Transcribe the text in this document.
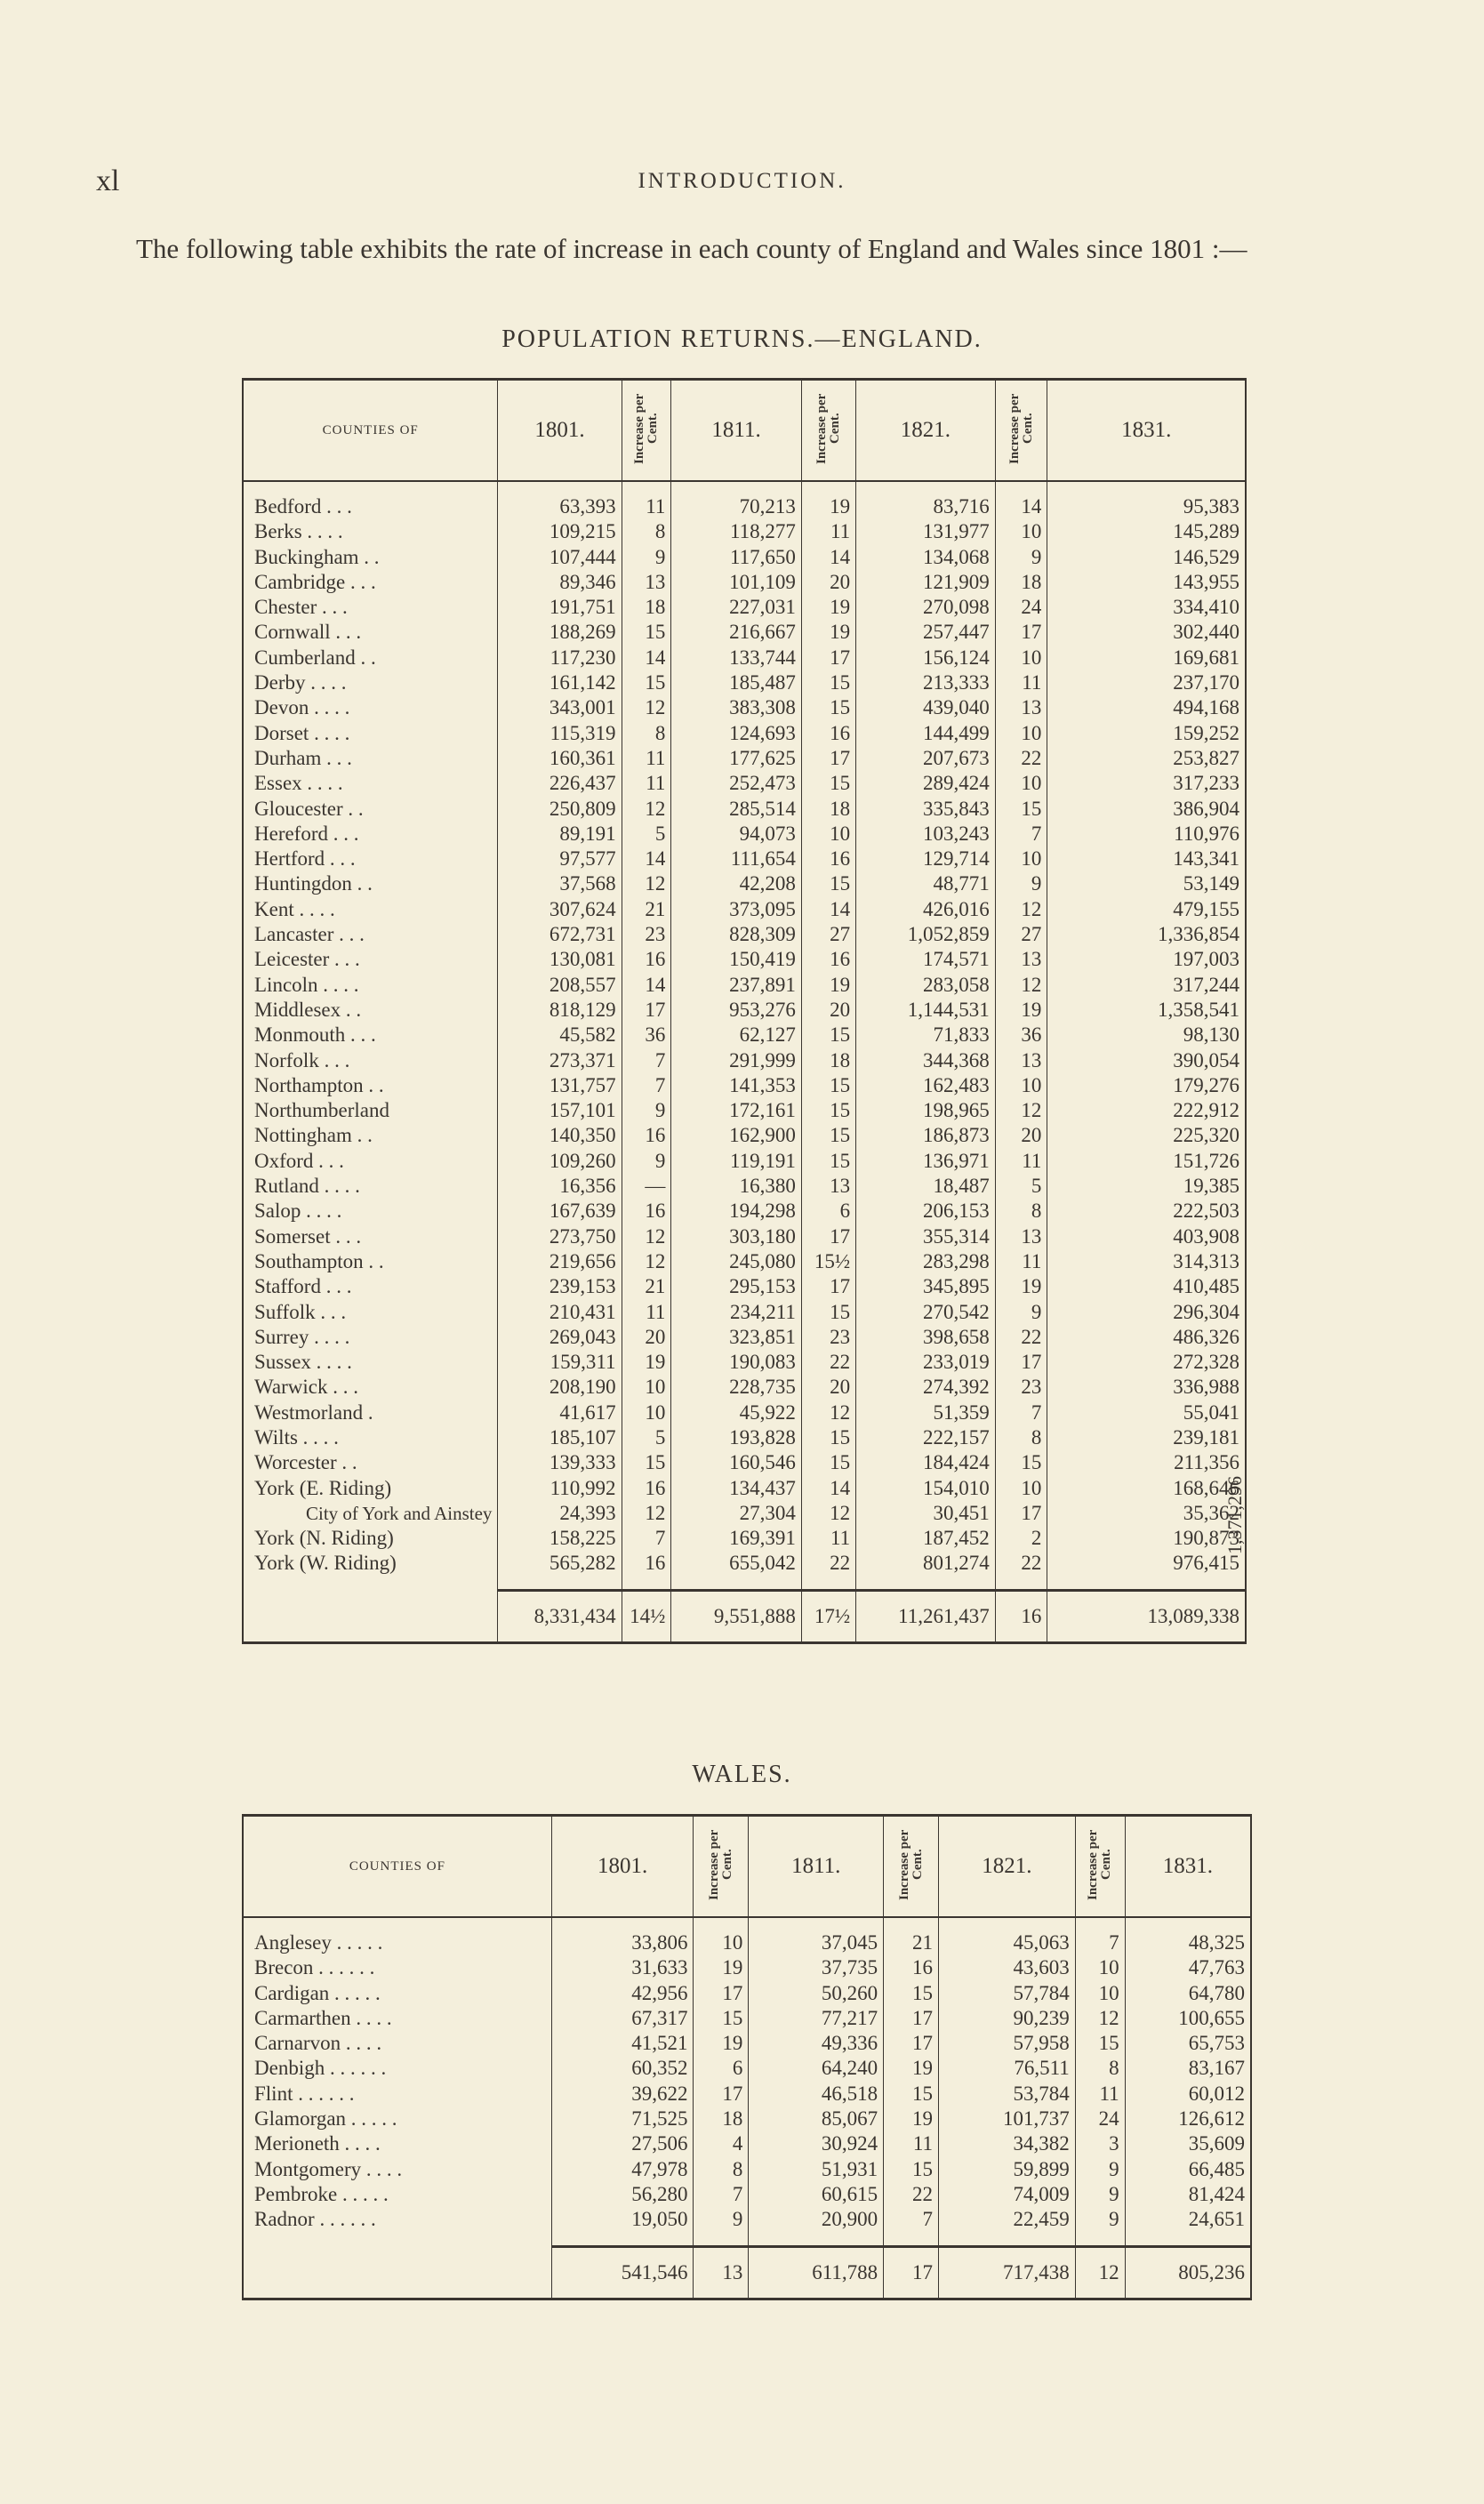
xl	INTRODUCTION.
The following table exhibits the rate of increase in each county of England and Wales since 1801 :—
POPULATION RETURNS.—ENGLAND.
COUNTIES OF	1801.	Increase per Cent.	1811.	Increase per Cent.	1821.	Increase per Cent.	1831.
Bedford . . .	63,393	11	70,213	19	83,716	14	95,383
Berks . . . .	109,215	8	118,277	11	131,977	10	145,289
Buckingham . .	107,444	9	117,650	14	134,068	9	146,529
Cambridge . . .	89,346	13	101,109	20	121,909	18	143,955
Chester . . .	191,751	18	227,031	19	270,098	24	334,410
Cornwall . . .	188,269	15	216,667	19	257,447	17	302,440
Cumberland . .	117,230	14	133,744	17	156,124	10	169,681
Derby . . . .	161,142	15	185,487	15	213,333	11	237,170
Devon . . . .	343,001	12	383,308	15	439,040	13	494,168
Dorset . . . .	115,319	8	124,693	16	144,499	10	159,252
Durham . . .	160,361	11	177,625	17	207,673	22	253,827
Essex . . . .	226,437	11	252,473	15	289,424	10	317,233
Gloucester . .	250,809	12	285,514	18	335,843	15	386,904
Hereford . . .	89,191	5	94,073	10	103,243	7	110,976
Hertford . . .	97,577	14	111,654	16	129,714	10	143,341
Huntingdon . .	37,568	12	42,208	15	48,771	9	53,149
Kent . . . .	307,624	21	373,095	14	426,016	12	479,155
Lancaster . . .	672,731	23	828,309	27	1,052,859	27	1,336,854
Leicester . . .	130,081	16	150,419	16	174,571	13	197,003
Lincoln . . . .	208,557	14	237,891	19	283,058	12	317,244
Middlesex . .	818,129	17	953,276	20	1,144,531	19	1,358,541
Monmouth . . .	45,582	36	62,127	15	71,833	36	98,130
Norfolk . . .	273,371	7	291,999	18	344,368	13	390,054
Northampton . .	131,757	7	141,353	15	162,483	10	179,276
Northumberland	157,101	9	172,161	15	198,965	12	222,912
Nottingham . .	140,350	16	162,900	15	186,873	20	225,320
Oxford . . .	109,260	9	119,191	15	136,971	11	151,726
Rutland . . . .	16,356	—	16,380	13	18,487	5	19,385
Salop . . . .	167,639	16	194,298	6	206,153	8	222,503
Somerset . . .	273,750	12	303,180	17	355,314	13	403,908
Southampton . .	219,656	12	245,080	15½	283,298	11	314,313
Stafford . . .	239,153	21	295,153	17	345,895	19	410,485
Suffolk . . .	210,431	11	234,211	15	270,542	9	296,304
Surrey . . . .	269,043	20	323,851	23	398,658	22	486,326
Sussex . . . .	159,311	19	190,083	22	233,019	17	272,328
Warwick . . .	208,190	10	228,735	20	274,392	23	336,988
Westmorland .	41,617	10	45,922	12	51,359	7	55,041
Wilts . . . .	185,107	5	193,828	15	222,157	8	239,181
Worcester . .	139,333	15	160,546	15	184,424	15	211,356
York (E. Riding)	110,992	16	134,437	14	154,010	10	168,646
City of York and Ainstey	24,393	12	27,304	12	30,451	17	35,362
York (N. Riding)	158,225	7	169,391	11	187,452	2	190,873
York (W. Riding)	565,282	16	655,042	22	801,274	22	976,415

	8,331,434	14½	9,551,888	17½	11,261,437	16	13,089,338
1,371,296
WALES.
COUNTIES OF	1801.	Increase per Cent.	1811.	Increase per Cent.	1821.	Increase per Cent.	1831.
Anglesey . . . . .	33,806	10	37,045	21	45,063	7	48,325
Brecon . . . . . .	31,633	19	37,735	16	43,603	10	47,763
Cardigan . . . . .	42,956	17	50,260	15	57,784	10	64,780
Carmarthen . . . .	67,317	15	77,217	17	90,239	12	100,655
Carnarvon . . . .	41,521	19	49,336	17	57,958	15	65,753
Denbigh . . . . . .	60,352	6	64,240	19	76,511	8	83,167
Flint . . . . . .	39,622	17	46,518	15	53,784	11	60,012
Glamorgan . . . . .	71,525	18	85,067	19	101,737	24	126,612
Merioneth . . . .	27,506	4	30,924	11	34,382	3	35,609
Montgomery . . . .	47,978	8	51,931	15	59,899	9	66,485
Pembroke . . . . .	56,280	7	60,615	22	74,009	9	81,424
Radnor . . . . . .	19,050	9	20,900	7	22,459	9	24,651

	541,546	13	611,788	17	717,438	12	805,236
